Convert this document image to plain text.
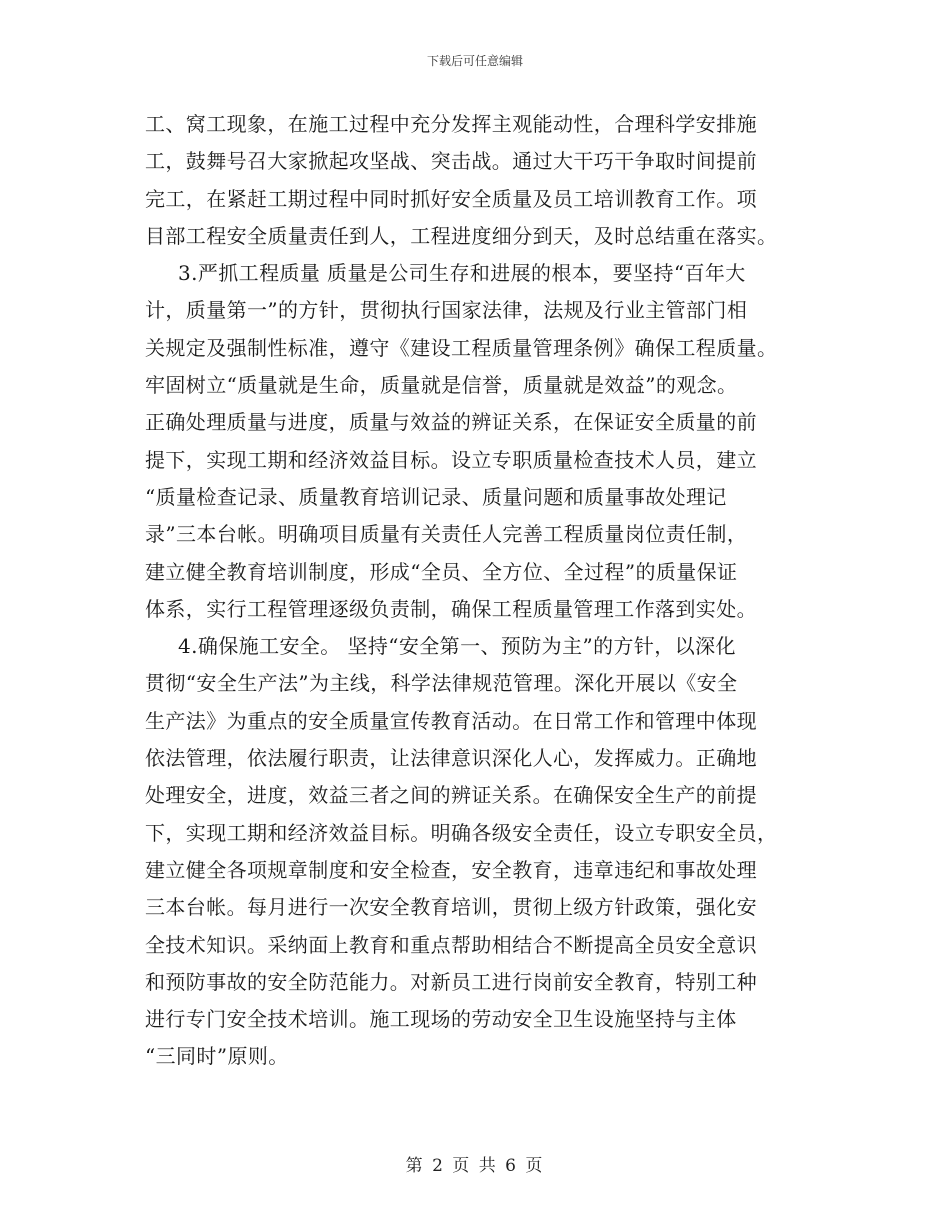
下载后可任意编辑
工、窝工现象，在施工过程中充分发挥主观能动性，合理科学安排施
工，鼓舞号召大家掀起攻坚战、突击战。通过大干巧干争取时间提前
完工，在紧赶工期过程中同时抓好安全质量及员工培训教育工作。项
目部工程安全质量责任到人，工程进度细分到天，及时总结重在落实。
3.严抓工程质量 质量是公司生存和进展的根本，要坚持“百年大
计，质量第一”的方针，贯彻执行国家法律，法规及行业主管部门相
关规定及强制性标准，遵守《建设工程质量管理条例》确保工程质量。
牢固树立“质量就是生命，质量就是信誉，质量就是效益”的观念。
正确处理质量与进度，质量与效益的辨证关系，在保证安全质量的前
提下，实现工期和经济效益目标。设立专职质量检查技术人员，建立
“质量检查记录、质量教育培训记录、质量问题和质量事故处理记
录”三本台帐。明确项目质量有关责任人完善工程质量岗位责任制，
建立健全教育培训制度，形成“全员、全方位、全过程”的质量保证
体系，实行工程管理逐级负责制，确保工程质量管理工作落到实处。
4.确保施工安全。 坚持“安全第一、预防为主”的方针，以深化
贯彻“安全生产法”为主线，科学法律规范管理。深化开展以《安全
生产法》为重点的安全质量宣传教育活动。在日常工作和管理中体现
依法管理，依法履行职责，让法律意识深化人心，发挥威力。正确地
处理安全，进度，效益三者之间的辨证关系。在确保安全生产的前提
下，实现工期和经济效益目标。明确各级安全责任，设立专职安全员，
建立健全各项规章制度和安全检查，安全教育，违章违纪和事故处理
三本台帐。每月进行一次安全教育培训，贯彻上级方针政策，强化安
全技术知识。采纳面上教育和重点帮助相结合不断提高全员安全意识
和预防事故的安全防范能力。对新员工进行岗前安全教育，特别工种
进行专门安全技术培训。施工现场的劳动安全卫生设施坚持与主体
“三同时”原则。
第 2 页 共 6 页
